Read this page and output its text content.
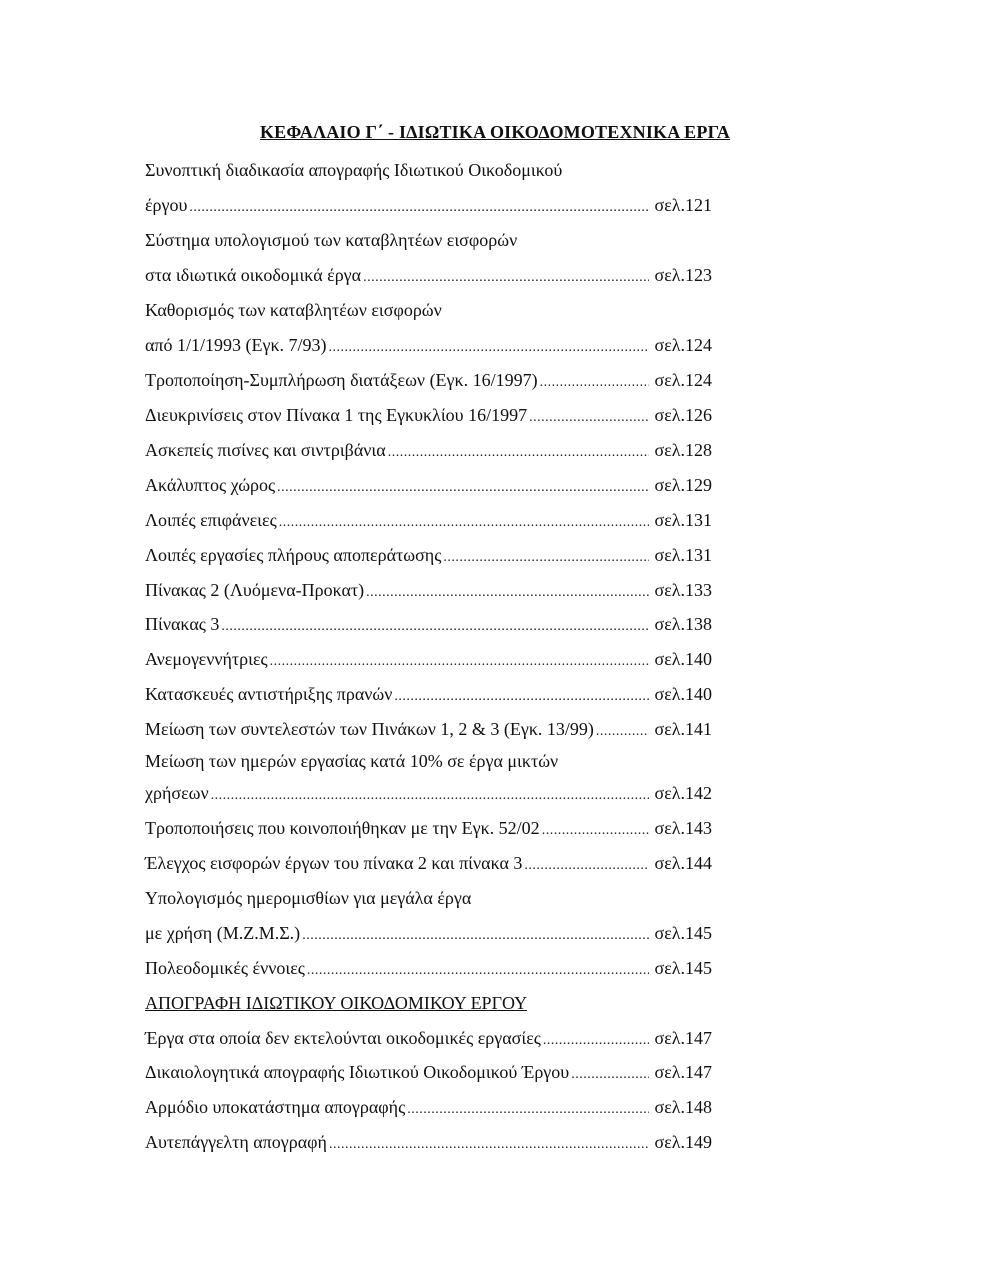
ΚΕΦΑΛΑΙΟ Γ΄ - ΙΔΙΩΤΙΚΑ ΟΙΚΟΔΟΜΟΤΕΧΝΙΚΑ ΕΡΓΑ
Συνοπτική διαδικασία απογραφής Ιδιωτικού Οικοδομικού
έργου .....	σελ.121
Σύστημα υπολογισμού των καταβλητέων εισφορών
στα ιδιωτικά οικοδομικά έργα .....	σελ.123
Καθορισμός των καταβλητέων εισφορών
από 1/1/1993 (Εγκ. 7/93) .....	σελ.124
Τροποποίηση-Συμπλήρωση διατάξεων (Εγκ. 16/1997) .....	σελ.124
Διευκρινίσεις στον Πίνακα 1 της Εγκυκλίου 16/1997 .....	σελ.126
Ασκεπείς πισίνες και σιντριβάνια .....	σελ.128
Ακάλυπτος χώρος .....	σελ.129
Λοιπές επιφάνειες .....	σελ.131
Λοιπές εργασίες πλήρους αποπεράτωσης .....	σελ.131
Πίνακας 2 (Λυόμενα-Προκατ) .....	σελ.133
Πίνακας 3 .....	σελ.138
Ανεμογεννήτριες .....	σελ.140
Κατασκευές αντιστήριξης πρανών .....	σελ.140
Μείωση των συντελεστών των Πινάκων 1, 2 & 3 (Εγκ. 13/99) .....	σελ.141
Μείωση των ημερών εργασίας κατά 10% σε έργα μικτών
χρήσεων .....	σελ.142
Τροποποιήσεις που κοινοποιήθηκαν με την Εγκ. 52/02 .....	σελ.143
Έλεγχος εισφορών έργων του πίνακα 2 και πίνακα 3 .....	σελ.144
Υπολογισμός ημερομισθίων για μεγάλα έργα
με χρήση (Μ.Ζ.Μ.Σ.) .....	σελ.145
Πολεοδομικές έννοιες .....	σελ.145
ΑΠΟΓΡΑΦΗ ΙΔΙΩΤΙΚΟΥ ΟΙΚΟΔΟΜΙΚΟΥ ΕΡΓΟΥ
Έργα στα οποία δεν εκτελούνται οικοδομικές εργασίες .....	σελ.147
Δικαιολογητικά απογραφής Ιδιωτικού Οικοδομικού Έργου .....	σελ.147
Αρμόδιο υποκατάστημα απογραφής .....	σελ.148
Αυτεπάγγελτη απογραφή .....	σελ.149
